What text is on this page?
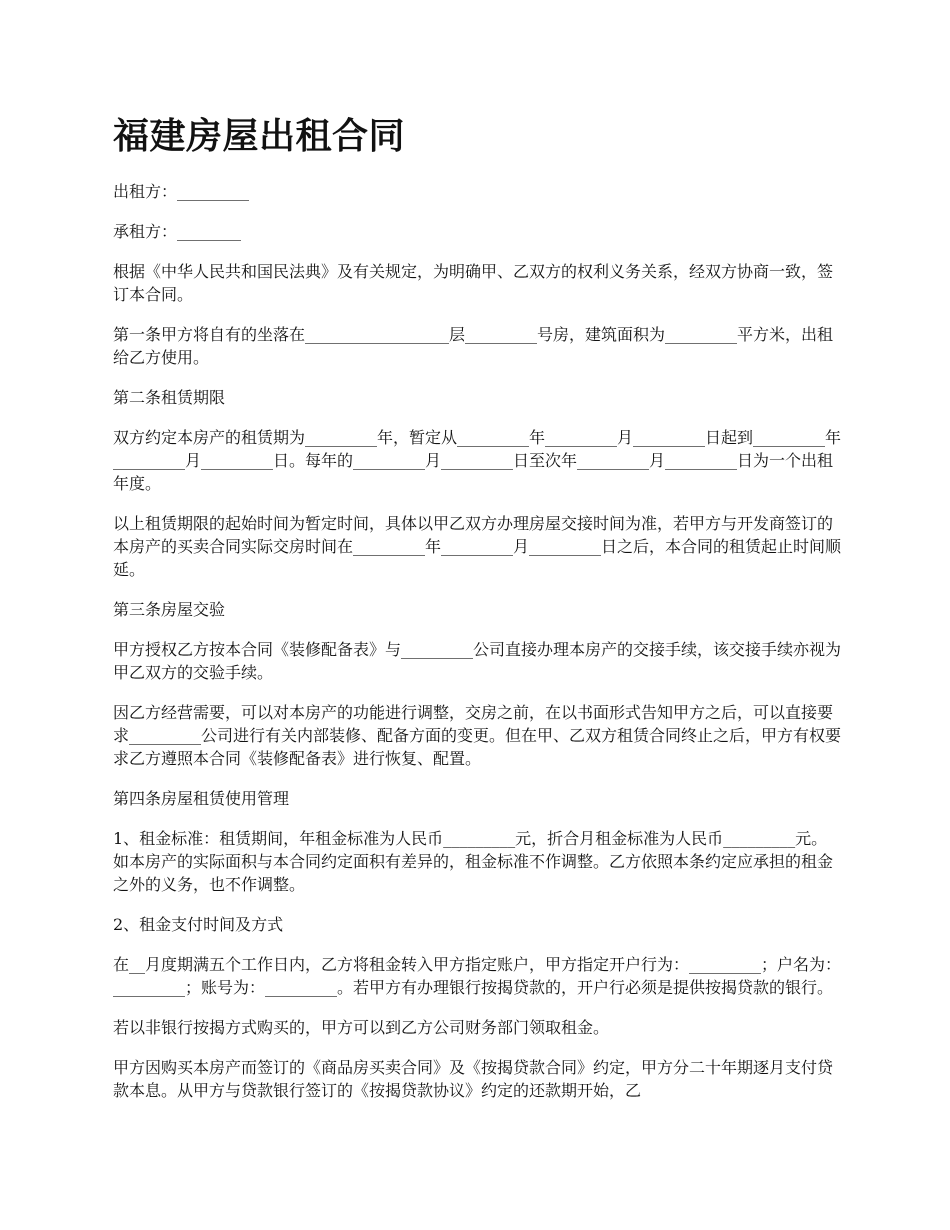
福建房屋出租合同

出租方：_________

承租方：________

根据《中华人民共和国民法典》及有关规定，为明确甲、乙双方的权利义务关系，经双方协商一致，签订本合同。

第一条甲方将自有的坐落在__________________层_________号房，建筑面积为_________平方米，出租给乙方使用。

第二条租赁期限

双方约定本房产的租赁期为_________年，暂定从_________年_________月_________日起到_________年_________月_________日。每年的_________月_________日至次年_________月_________日为一个出租年度。

以上租赁期限的起始时间为暂定时间，具体以甲乙双方办理房屋交接时间为准，若甲方与开发商签订的本房产的买卖合同实际交房时间在_________年_________月_________日之后，本合同的租赁起止时间顺延。

第三条房屋交验

甲方授权乙方按本合同《装修配备表》与_________公司直接办理本房产的交接手续，该交接手续亦视为甲乙双方的交验手续。

因乙方经营需要，可以对本房产的功能进行调整，交房之前，在以书面形式告知甲方之后，可以直接要求_________公司进行有关内部装修、配备方面的变更。但在甲、乙双方租赁合同终止之后，甲方有权要求乙方遵照本合同《装修配备表》进行恢复、配置。

第四条房屋租赁使用管理

1、租金标准：租赁期间，年租金标准为人民币_________元，折合月租金标准为人民币_________元。如本房产的实际面积与本合同约定面积有差异的，租金标准不作调整。乙方依照本条约定应承担的租金之外的义务，也不作调整。

2、租金支付时间及方式

在__月度期满五个工作日内，乙方将租金转入甲方指定账户，甲方指定开户行为：_________；户名为：_________；账号为：_________。若甲方有办理银行按揭贷款的，开户行必须是提供按揭贷款的银行。

若以非银行按揭方式购买的，甲方可以到乙方公司财务部门领取租金。

甲方因购买本房产而签订的《商品房买卖合同》及《按揭贷款合同》约定，甲方分二十年期逐月支付贷款本息。从甲方与贷款银行签订的《按揭贷款协议》约定的还款期开始，乙
